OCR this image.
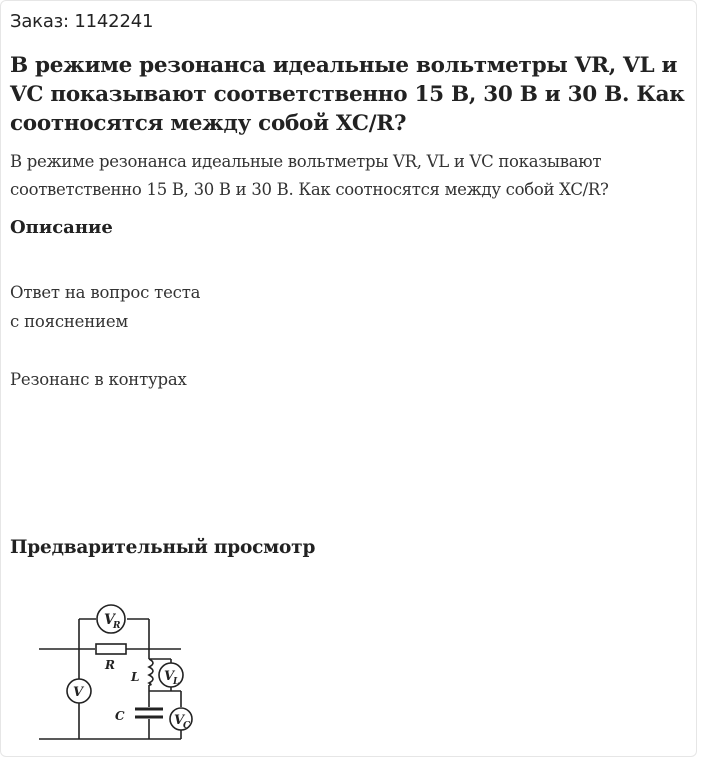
Заказ: 1142241
В режиме резонанса идеальные вольтметры VR, VL и VC показывают соответственно 15 В, 30 В и 30 В. Как соотносятся между собой XC/R?
В режиме резонанса идеальные вольтметры VR, VL и VC показывают
соответственно 15 В, 30 В и 30 В. Как соотносятся между собой XC/R?
Описание

Ответ на вопрос теста

с пояснением

Резонанс в контурах

Предварительный просмотр
V
R
V
V
L
V
C
R
L
C
